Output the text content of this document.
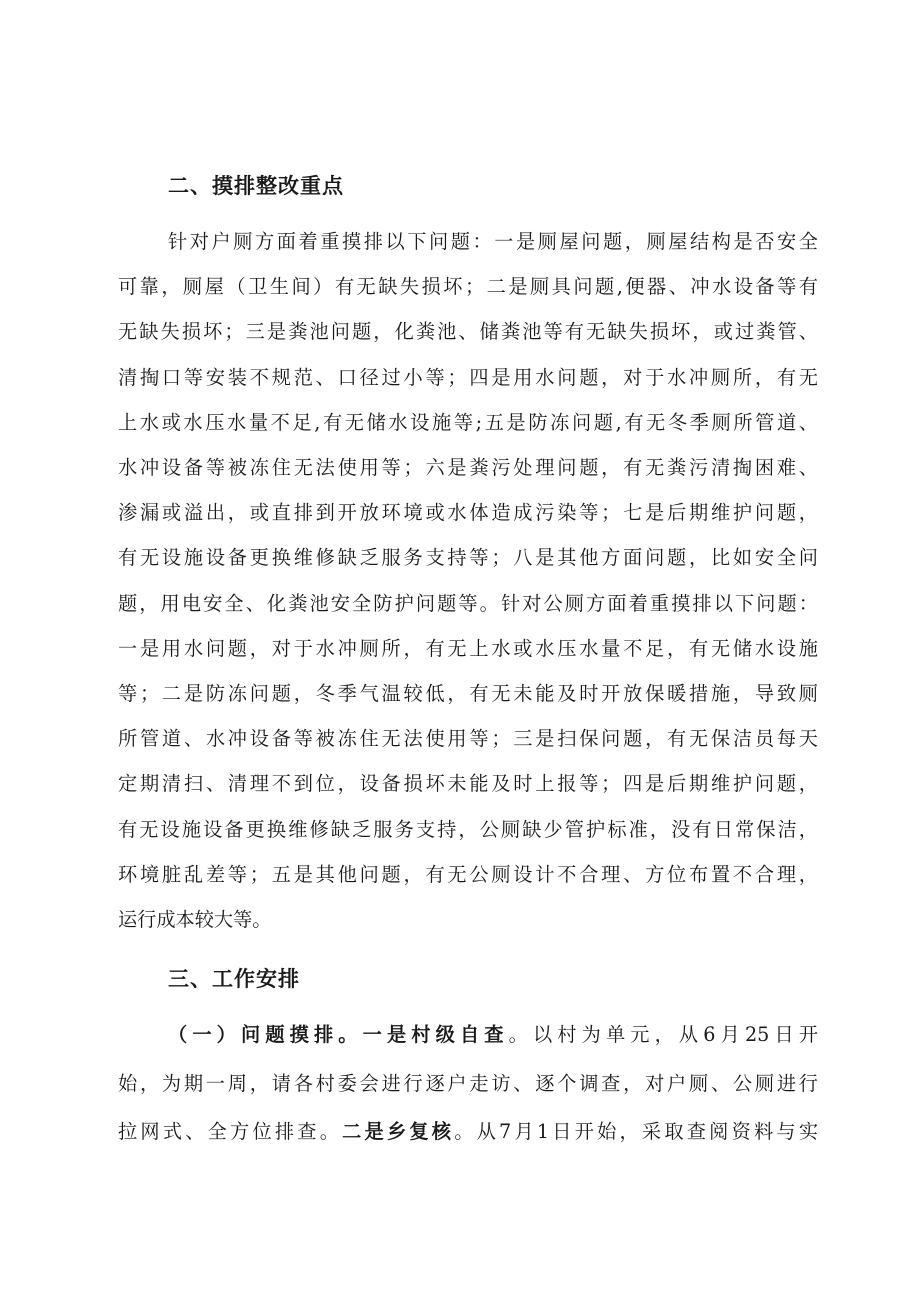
二、摸排整改重点
针对户厕方面着重摸排以下问题：一是厕屋问题，厕屋结构是否安全
可靠，厕屋（卫生间）有无缺失损坏；二是厕具问题,便器、冲水设备等有
无缺失损坏；三是粪池问题，化粪池、储粪池等有无缺失损坏，或过粪管、
清掏口等安装不规范、口径过小等；四是用水问题，对于水冲厕所，有无
上水或水压水量不足,有无储水设施等;五是防冻问题,有无冬季厕所管道、
水冲设备等被冻住无法使用等；六是粪污处理问题，有无粪污清掏困难、
渗漏或溢出，或直排到开放环境或水体造成污染等；七是后期维护问题，
有无设施设备更换维修缺乏服务支持等；八是其他方面问题，比如安全问
题，用电安全、化粪池安全防护问题等。针对公厕方面着重摸排以下问题：
一是用水问题，对于水冲厕所，有无上水或水压水量不足，有无储水设施
等；二是防冻问题，冬季气温较低，有无未能及时开放保暖措施，导致厕
所管道、水冲设备等被冻住无法使用等；三是扫保问题，有无保洁员每天
定期清扫、清理不到位，设备损坏未能及时上报等；四是后期维护问题，
有无设施设备更换维修缺乏服务支持，公厕缺少管护标准，没有日常保洁，
环境脏乱差等；五是其他问题，有无公厕设计不合理、方位布置不合理，
运行成本较大等。
三、工作安排
（一）问题摸排。一是村级自查。以村为单元，从6月25日开
始，为期一周，请各村委会进行逐户走访、逐个调查，对户厕、公厕进行
拉网式、全方位排查。二是乡复核。从7月1日开始，采取查阅资料与实
